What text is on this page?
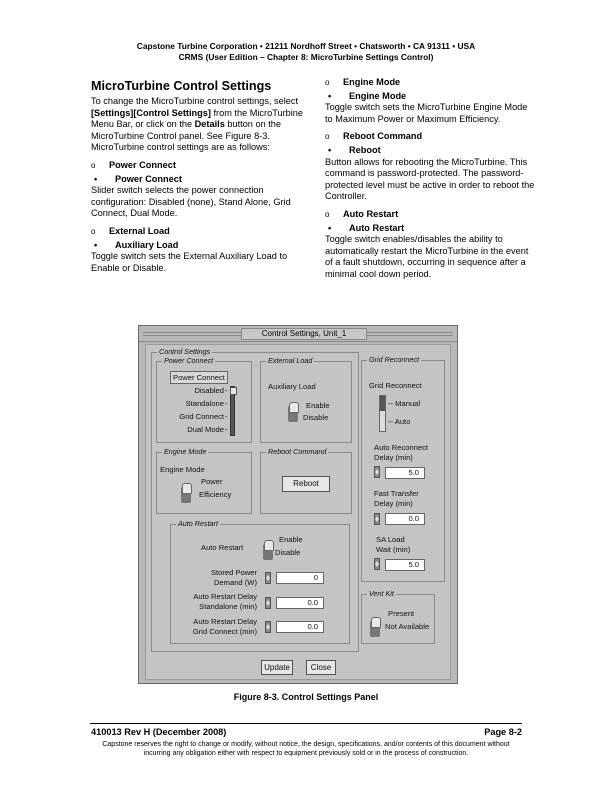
Capstone Turbine Corporation • 21211 Nordhoff Street • Chatsworth • CA 91311 • USA
CRMS (User Edition – Chapter 8: MicroTurbine Settings Control)
MicroTurbine Control Settings

To change the MicroTurbine control settings, select [Settings][Control Settings] from the MicroTurbine Menu Bar, or click on the Details button on the MicroTurbine Control panel. See Figure 8-3.

MicroTurbine control settings are as follows:

o	Power Connect
•	Power Connect

Slider switch selects the power connection configuration: Disabled (none), Stand Alone, Grid Connect, Dual Mode.

o	External Load
•	Auxiliary Load

Toggle switch sets the External Auxiliary Load to Enable or Disable.

o	Engine Mode
•	Engine Mode

Toggle switch sets the MicroTurbine Engine Mode to Maximum Power or Maximum Efficiency.

o	Reboot Command
•	Reboot

Button allows for rebooting the MicroTurbine. This command is password-protected. The password-protected level must be active in order to reboot the Controller.

o	Auto Restart
•	Auto Restart

Toggle switch enables/disables the ability to automatically restart the MicroTurbine in the event of a fault shutdown, occurring in sequence after a minimal cool down period.

Control Settings, Unit_1
Control Settings
Power Connect
Power Connect
Disabled
Standalone
Grid Connect
Dual Mode
-
-
-
-
External Load
Auxiliary Load
Enable
Disable
Engine Mode
Engine Mode
Power
Efficiency
Reboot Command
Reboot
Auto Restart
Auto Restart
Enable
Disable
Stored Power
Demand (W)
0
Auto Restart Delay
Standalone (min)	0.0
Auto Restart Delay
Grid Connect (min)
0.0
Grid Reconnect
Grid Reconnect
-- Manual
-- Auto
Auto Reconnect
Delay (min)
5.0
Fast Transfer
Delay (min)
0.0
SA Load
Wait (min)
5.0
Vent Kit
Present
Not Available
Update	Close
Figure 8-3. Control Settings Panel
410013 Rev H (December 2008)	Page 8-2
Capstone reserves the right to change or modify, without notice, the design, specifications, and/or contents of this document without incurring any obligation either with respect to equipment previously sold or in the process of construction.
